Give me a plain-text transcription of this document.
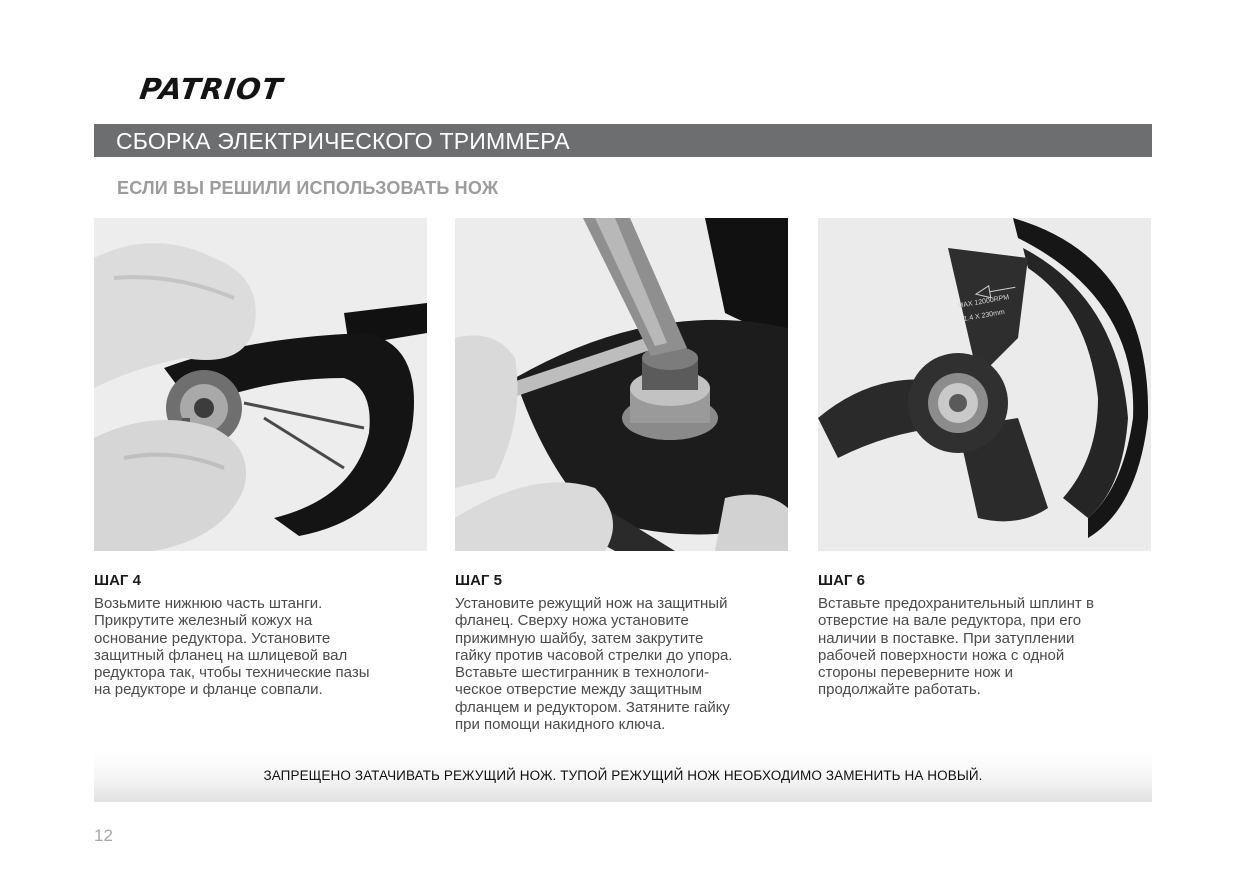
PATRIOT
СБОРКА ЭЛЕКТРИЧЕСКОГО ТРИММЕРА
ЕСЛИ ВЫ РЕШИЛИ ИСПОЛЬЗОВАТЬ НОЖ
MAX 12000RPM
1.4 X 230mm
ШАГ 4
Возьмите нижнюю часть штанги.
Прикрутите железный кожух на
основание редуктора. Установите
защитный фланец на шлицевой вал
редуктора так, чтобы технические пазы
на редукторе и фланце совпали.
ШАГ 5
Установите режущий нож на защитный
фланец. Сверху ножа установите
прижимную шайбу, затем закрутите
гайку против часовой стрелки до упора.
Вставьте шестигранник в технологи-
ческое отверстие между защитным
фланцем и редуктором. Затяните гайку
при помощи накидного ключа.
ШАГ 6
Вставьте предохранительный шплинт в
отверстие на вале редуктора, при его
наличии в поставке. При затуплении
рабочей поверхности ножа с одной
стороны переверните нож и
продолжайте работать.
ЗАПРЕЩЕНО ЗАТАЧИВАТЬ РЕЖУЩИЙ НОЖ. ТУПОЙ РЕЖУЩИЙ НОЖ НЕОБХОДИМО ЗАМЕНИТЬ НА НОВЫЙ.
12
